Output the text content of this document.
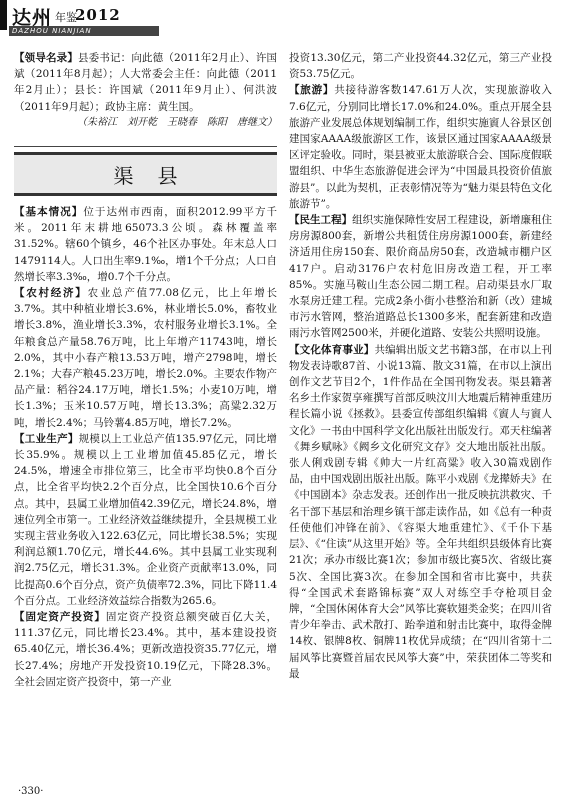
达州 年鉴
2012
DAZHOU NIANJIAN

【领导名录】县委书记：向此德（2011年2月止）、许国斌（2011年8月起）；人大常委会主任：向此德（2011年2月止）；县长：许国斌（2011年9月止）、何洪波（2011年9月起）；政协主席：黄生国。

（朱裕江　刘开乾　王晓春　陈阳　唐继文）

渠县

【基本情况】位于达州市西南，面积2012.99平方千米。2011年末耕地65073.3公顷。森林覆盖率31.52%。辖60个镇乡，46个社区办事处。年末总人口1479114人。人口出生率9.1‰，增1个千分点；人口自然增长率3.3‰，增0.7个千分点。

【农村经济】农业总产值77.08亿元，比上年增长3.7%。其中种植业增长3.6%，林业增长5.0%，畜牧业增长3.8%，渔业增长3.3%，农村服务业增长3.1%。全年粮食总产量58.76万吨，比上年增产11743吨，增长2.0%，其中小春产粮13.53万吨，增产2798吨，增长2.1%；大春产粮45.23万吨，增长2.0%。主要农作物产品产量：稻谷24.17万吨，增长1.5%；小麦10万吨，增长1.3%；玉米10.57万吨，增长13.3%；高粱2.32万吨，增长2.4%；马铃薯4.85万吨，增长7.2%。

【工业生产】规模以上工业总产值135.97亿元，同比增长35.9%。规模以上工业增加值45.85亿元，增长24.5%，增速全市排位第三，比全市平均快0.8个百分点，比全省平均快2.2个百分点，比全国快10.6个百分点。其中，县属工业增加值42.39亿元，增长24.8%，增速位列全市第一。工业经济效益继续提升，全县规模工业实现主营业务收入122.63亿元，同比增长38.5%；实现利润总额1.70亿元，增长44.6%。其中县属工业实现利润2.75亿元，增长31.3%。企业资产贡献率13.0%，同比提高0.6个百分点，资产负债率72.3%，同比下降11.4个百分点。工业经济效益综合指数为265.6。

【固定资产投资】固定资产投资总额突破百亿大关，111.37亿元，同比增长23.4%。其中，基本建设投资65.40亿元，增长36.4%；更新改造投资35.77亿元，增长27.4%；房地产开发投资10.19亿元，下降28.3%。全社会固定资产投资中，第一产业

投资13.30亿元，第二产业投资44.32亿元，第三产业投资53.75亿元。

【旅游】共接待游客数147.61万人次，实现旅游收入7.6亿元，分别同比增长17.0%和24.0%。重点开展全县旅游产业发展总体规划编制工作，组织实施賨人谷景区创建国家AAAA级旅游区工作，该景区通过国家AAAA级景区评定验收。同时，渠县被亚太旅游联合会、国际度假联盟组织、中华生态旅游促进会评为“中国最具投资价值旅游县”。以此为契机，正表彰情况等为“魅力渠县特色文化旅游节”。

【民生工程】组织实施保障性安居工程建设，新增廉租住房房源800套，新增公共租赁住房房源1000套，新建经济适用住房150套、限价商品房50套，改造城市棚户区417户。启动3176户农村危旧房改造工程，开工率85%。实施马鞍山生态公园二期工程。启动渠县水厂取水泵房迁建工程。完成2条小街小巷整治和新（改）建城市污水管网，整治道路总长1300多米，配套新建和改造雨污水管网2500米，并硬化道路、安装公共照明设施。

【文化体育事业】共编辑出版文艺书籍3部，在市以上刊物发表诗歌87首、小说13篇、散文31篇，在市以上演出创作文艺节目2个，1件作品在全国刊物发表。渠县籍著名乡土作家贺享雍撰写首部反映汶川大地震后精神重建历程长篇小说《拯救》。县委宣传部组织编辑《賨人与賨人文化》一书由中国科学文化出版社出版发行。邓天柱编著《舞乡赋咏》《阙乡文化研究文存》交大地出版社出版。张人俐戏剧专辑《帅大一片红高粱》收入30篇戏剧作品，由中国戏剧出版社出版。陈平小戏剧《龙撵娇夫》在《中国剧本》杂志发表。还创作出一批反映抗洪救灾、千名干部下基层和治理乡镇干部走读作品，如《总有一种责任使他们冲锋在前》、《容渠大地重建忙》、《千仆下基层》、《“住读”从这里开始》等。全年共组织县级体育比赛21次；承办市级比赛1次；参加市级比赛5次、省级比赛5次、全国比赛3次。在参加全国和省市比赛中，共获得“全国武术套路锦标赛”双人对练空手夺枪项目金牌，“全国休闲体育大会”风筝比赛软翅类金奖；在四川省青少年拳击、武术散打、跆拳道和射击比赛中，取得金牌14枚、银牌8枚、铜牌11枚优异成绩；在“四川省第十二届风筝比赛暨首届农民风筝大赛”中，荣获团体二等奖和最

·330·
